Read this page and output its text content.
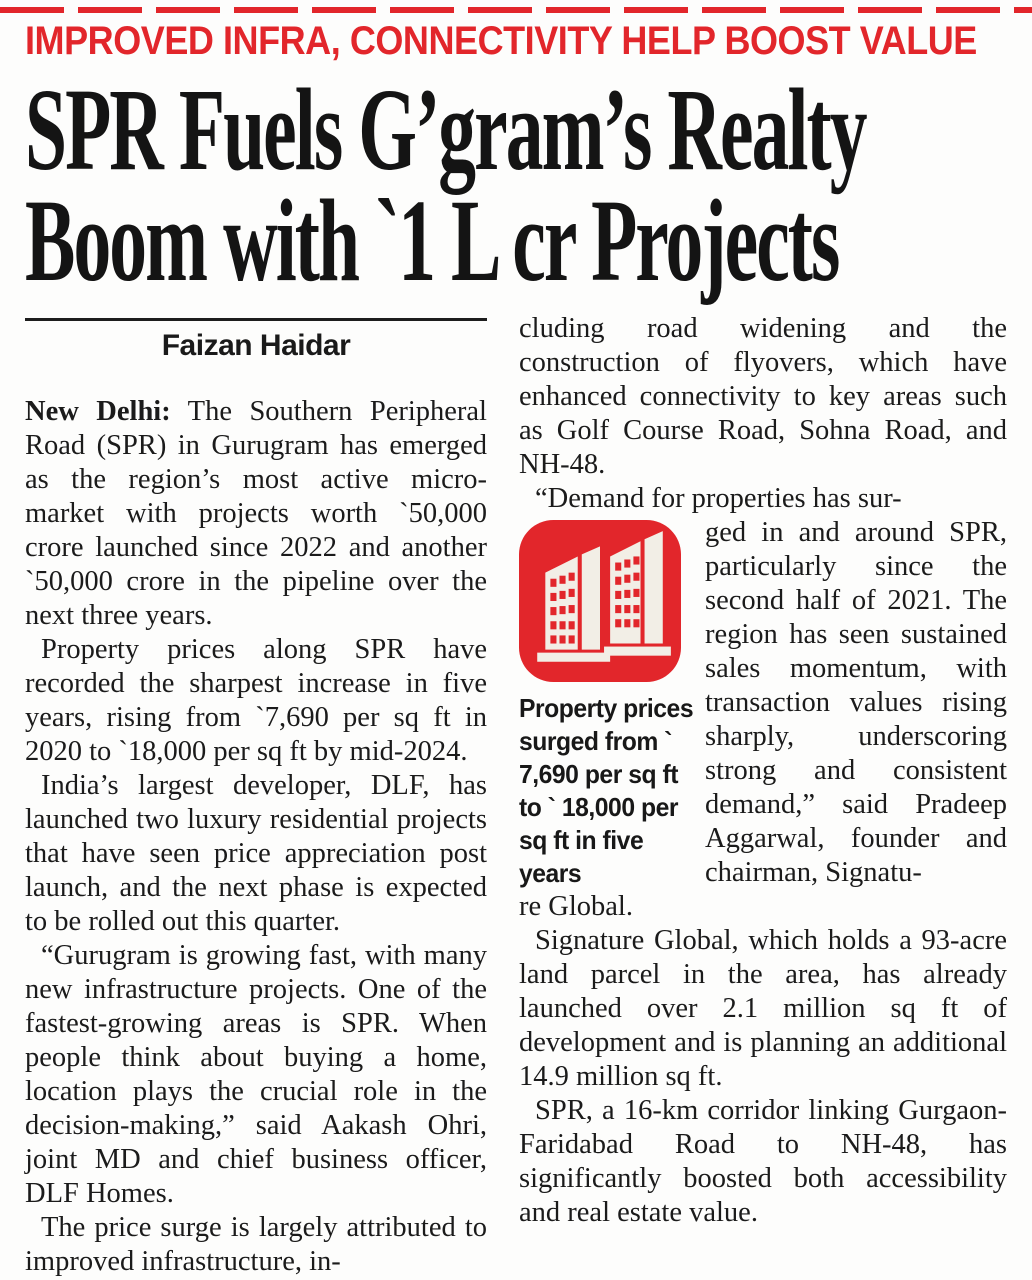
IMPROVED INFRA, CONNECTIVITY HELP BOOST VALUE
SPR Fuels G’gram’s Realty
Boom with `1 L cr Projects
Faizan Haidar

New Delhi: The Southern Peripheral Road (SPR) in Gurugram has emerged as the region’s most active micro-market with projects worth `50,000 crore launched since 2022 and another `50,000 crore in the pipeline over the next three years.

Property prices along SPR have recorded the sharpest increase in five years, rising from `7,690 per sq ft in 2020 to `18,000 per sq ft by mid-2024.

India’s largest developer, DLF, has launched two luxury residential projects that have seen price appreciation post launch, and the next phase is expected to be rolled out this quarter.

“Gurugram is growing fast, with many new infrastructure projects. One of the fastest-growing areas is SPR. When people think about buying a home, location plays the crucial role in the decision-making,” said Aakash Ohri, joint MD and chief business officer, DLF Homes.

The price surge is largely attributed to improved infrastructure, in-

cluding road widening and the construction of flyovers, which have enhanced connectivity to key areas such as Golf Course Road, Sohna Road, and NH-48.

“Demand for properties has sur-

Property prices surged from ` 7,690 per sq ft to ` 18,000 per sq ft in five years

ged in and around SPR, particularly since the second half of 2021. The region has seen sustained sales momentum, with transaction values rising sharply, underscoring strong and consistent demand,” said Pradeep Aggarwal, founder and chairman, Signatu-

re Global.

Signature Global, which holds a 93-acre land parcel in the area, has already launched over 2.1 million sq ft of development and is planning an additional 14.9 million sq ft.

SPR, a 16-km corridor linking Gurgaon-Faridabad Road to NH-48, has significantly boosted both accessibility and real estate value.
